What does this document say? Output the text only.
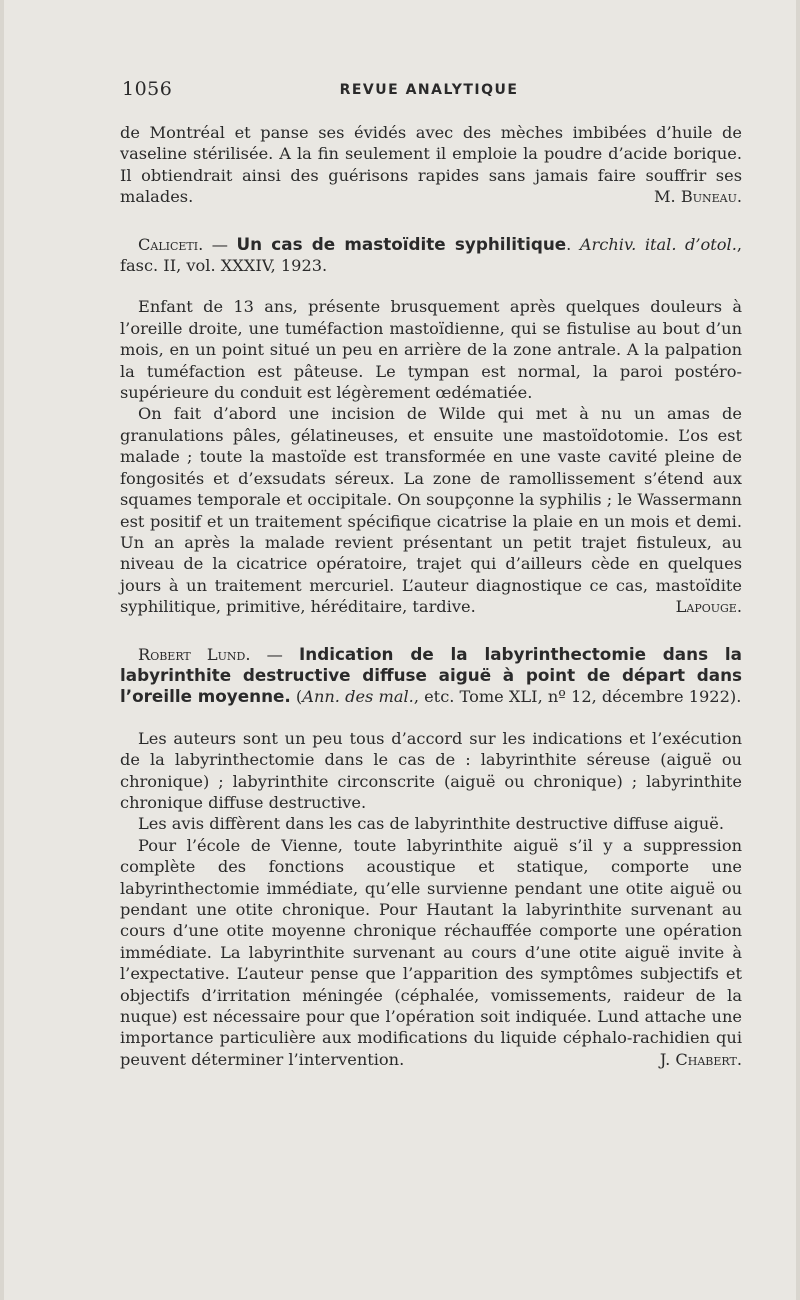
1056	REVUE ANALYTIQUE

de Montréal et panse ses évidés avec des mèches imbibées d’huile de vaseline stérilisée. A la fin seulement il emploie la poudre d’acide borique. Il obtiendrait ainsi des guérisons rapides sans jamais faire souffrir ses malades.	M. Buneau.

Caliceti. — Un cas de mastoïdite syphilitique. Archiv. ital. d’otol., fasc. II, vol. XXXIV, 1923.

Enfant de 13 ans, présente brusquement après quelques douleurs à l’oreille droite, une tuméfaction mastoïdienne, qui se fistulise au bout d’un mois, en un point situé un peu en arrière de la zone antrale. A la palpation la tuméfaction est pâteuse. Le tympan est normal, la paroi postéro-supérieure du conduit est légèrement œdématiée.

On fait d’abord une incision de Wilde qui met à nu un amas de granulations pâles, gélatineuses, et ensuite une mastoïdotomie. L’os est malade ; toute la mastoïde est transformée en une vaste cavité pleine de fongosités et d’exsudats séreux. La zone de ramollissement s’étend aux squames temporale et occipitale. On soupçonne la syphilis ; le Wassermann est positif et un traitement spécifique cicatrise la plaie en un mois et demi. Un an après la malade revient présentant un petit trajet fistuleux, au niveau de la cicatrice opératoire, trajet qui d’ailleurs cède en quelques jours à un traitement mercuriel. L’auteur diagnostique ce cas, mastoïdite syphilitique, primitive, héréditaire, tardive.	Lapouge.

Robert Lund. — Indication de la labyrinthectomie dans la labyrinthite destructive diffuse aiguë à point de départ dans l’oreille moyenne. (Ann. des mal., etc. Tome XLI, nº 12, décembre 1922).

Les auteurs sont un peu tous d’accord sur les indications et l’exécution de la labyrinthectomie dans le cas de : labyrinthite séreuse (aiguë ou chronique) ; labyrinthite circonscrite (aiguë ou chronique) ; labyrinthite chronique diffuse destructive.

Les avis diffèrent dans les cas de labyrinthite destructive diffuse aiguë.

Pour l’école de Vienne, toute labyrinthite aiguë s’il y a suppression complète des fonctions acoustique et statique, comporte une labyrinthectomie immédiate, qu’elle survienne pendant une otite aiguë ou pendant une otite chronique. Pour Hautant la labyrinthite survenant au cours d’une otite moyenne chronique réchauffée comporte une opération immédiate. La labyrinthite survenant au cours d’une otite aiguë invite à l’expectative. L’auteur pense que l’apparition des symptômes subjectifs et objectifs d’irritation méningée (céphalée, vomissements, raideur de la nuque) est nécessaire pour que l’opération soit indiquée. Lund attache une importance particulière aux modifications du liquide céphalo-rachidien qui peuvent déterminer l’intervention.	J. Chabert.
